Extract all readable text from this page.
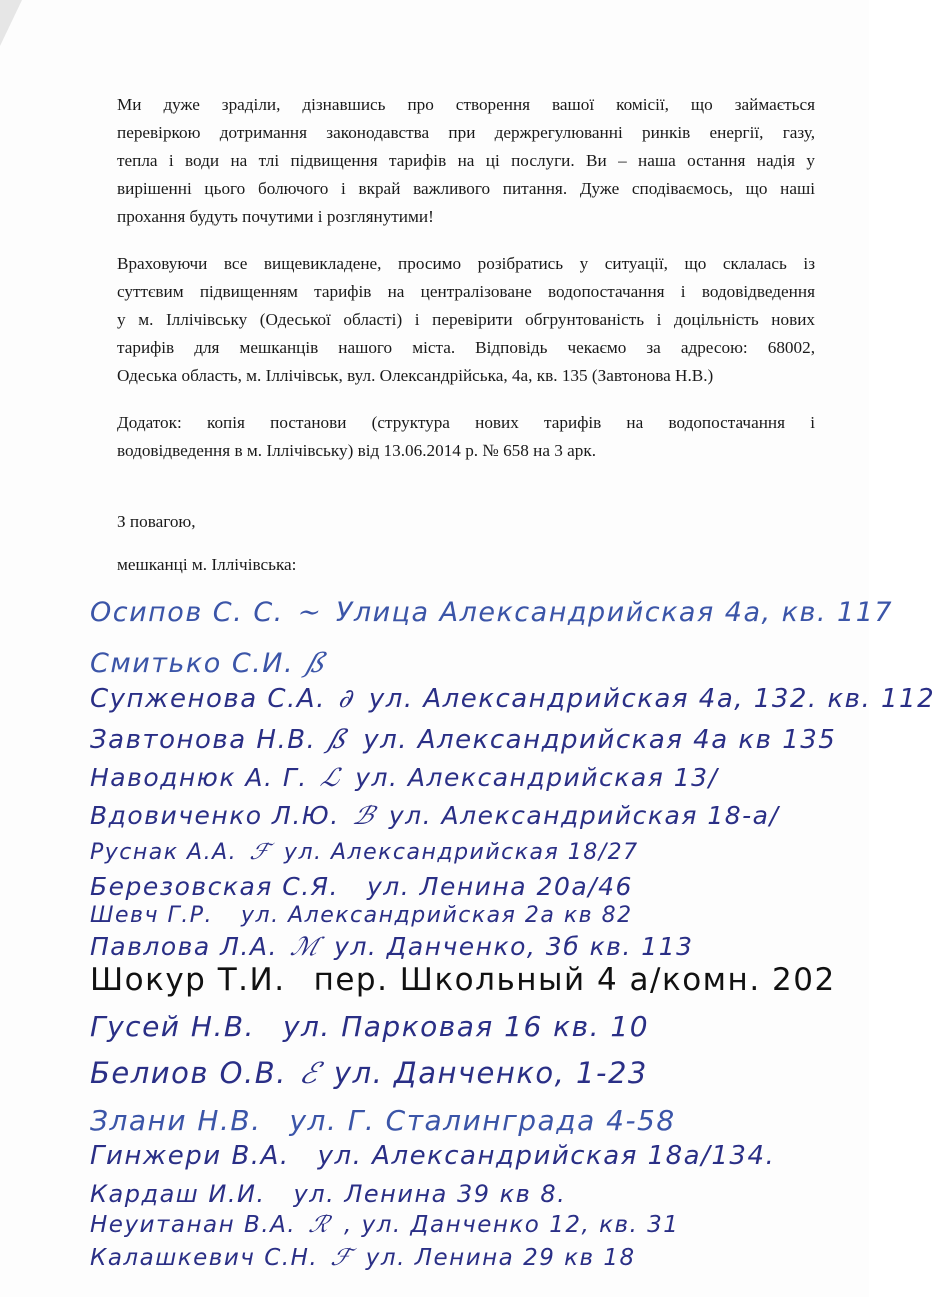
Ми дуже зраділи, дізнавшись про створення вашої комісії, що займається
перевіркою дотримання законодавства при держрегулюванні ринків енергії, газу,
тепла і води на тлі підвищення тарифів на ці послуги. Ви – наша остання надія у
вирішенні цього болючого і вкрай важливого питання. Дуже сподіваємось, що наші
прохання будуть почутими і розглянутими!
Враховуючи все вищевикладене, просимо розібратись у ситуації, що склалась із
суттєвим підвищенням тарифів на централізоване водопостачання і водовідведення
у м. Іллічівську (Одеської області) і перевірити обгрунтованість і доцільність нових
тарифів для мешканців нашого міста. Відповідь чекаємо за адресою: 68002,
Одеська область, м. Іллічівськ, вул. Олександрійська, 4а, кв. 135 (Завтонова Н.В.)
Додаток: копія постанови (структура нових тарифів на водопостачання і
водовідведення в м. Іллічівську) від 13.06.2014 р. № 658 на 3 арк.

З повагою,

мешканці м. Іллічівська:

Осипов С. С. ~ Улица Александрийская 4а, кв. 117
Смитько С.И. ß
Супженова С.А. ∂ ул. Александрийская 4а, 132. кв. 112
Завтонова Н.В. ß ул. Александрийская 4а кв 135
Наводнюк А. Г. ℒ ул. Александрийская 13/
Вдовиченко Л.Ю. ℬ ул. Александрийская 18-а/
Руснак А.А. ℱ ул. Александрийская 18/27
Березовская С.Я. ул. Ленина 20а/46
Шевч Г.Р. ул. Александрийская 2а кв 82
Павлова Л.А. ℳ ул. Данченко, 3б кв. 113
Шокур Т.И. пер. Школьный 4 а/комн. 202
Гусей Н.В. ул. Парковая 16 кв. 10
Белиов О.В. ℰ ул. Данченко, 1-23
Злани Н.В. ул. Г. Сталинграда 4-58
Гинжери В.А. ул. Александрийская 18а/134.
Кардаш И.И. ул. Ленина 39 кв 8.
Неуитанан В.А. ℛ , ул. Данченко 12, кв. 31
Калашкевич С.Н. ℱ ул. Ленина 29 кв 18
